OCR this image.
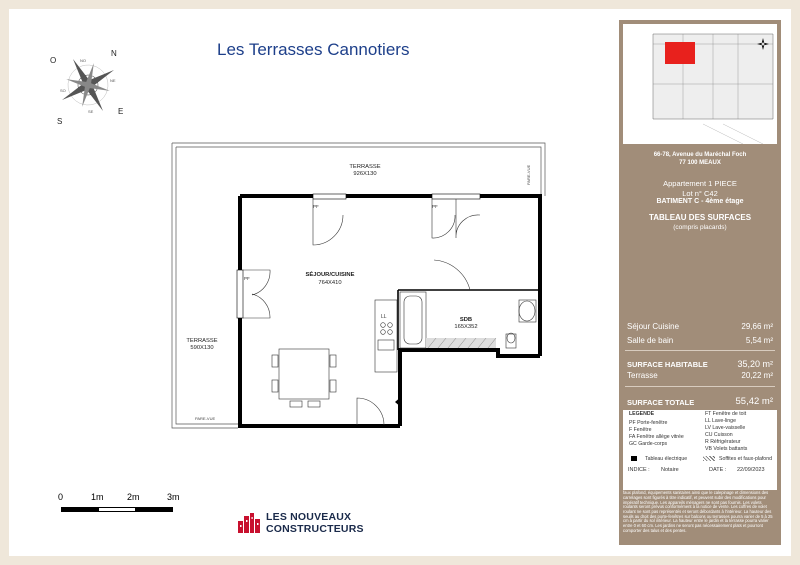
Les Terrasses Cannotiers
O
N
E
S
NO
NE
SO
SE
PARE-VUE
PARE-VUE
PF	PF
PF
LL
TERRASSE
926X130
TERRASSE
590X130
SÉJOUR/CUISINE
764X410
SDB
165X352
0	1m	2m	3m
LES NOUVEAUX
CONSTRUCTEURS
66-78, Avenue du Maréchal Foch
77 100 MEAUX
Appartement 1 PIECE
Lot n° C42
BATIMENT C - 4ème étage
TABLEAU DES SURFACES
(compris placards)
Séjour Cuisine	29,66 m²
Salle de bain	5,54 m²
SURFACE HABITABLE	35,20 m²
Terrasse	20,22 m²
SURFACE TOTALE	55,42 m²
LEGENDE
PF Porte-fenêtre
F Fenêtre
FA Fenêtre allège vitrée
GC Garde-corps
FT Fenêtre de toit
LL Lave-linge
LV Lave-vaisselle
CU Cuisson
R Réfrigérateur
VB Volets battants
Tableau électrique	Soffites et faux-plafond
INDICE : Notaire	DATE : 22/09/2023
Des modifications sont susceptibles d'être apportées à ce plan en fonction des nécessités techniques, de la réalisation, de la mise en conformité des dimensions libres que l'équipement. Les surfaces sont approximatives. Les retombées, soffites, faux plafond, équipements sanitaires ainsi que le calepinage et dimensions des carrelages sont figurés à titre indicatif, et peuvent subir des modifications pour impératif technique. Les appareils ménagers ne sont pas fournis. Les volets roulants seront prévus conformément à la notice de vente. Les coffres de volet roulant ne sont pas représentés et seront débordants à l'intérieur. La hauteur des seuils au droit des porte-fenêtres sur balcons ou terrasses pourra varier de 5 à 25 cm à partir du sol intérieur. La hauteur entre le jardin et la terrasse pourra varier entre 0 et 60 cm. Les jardins ne seront pas nécessairement plats et pourront comporter des talus et des pentes.
